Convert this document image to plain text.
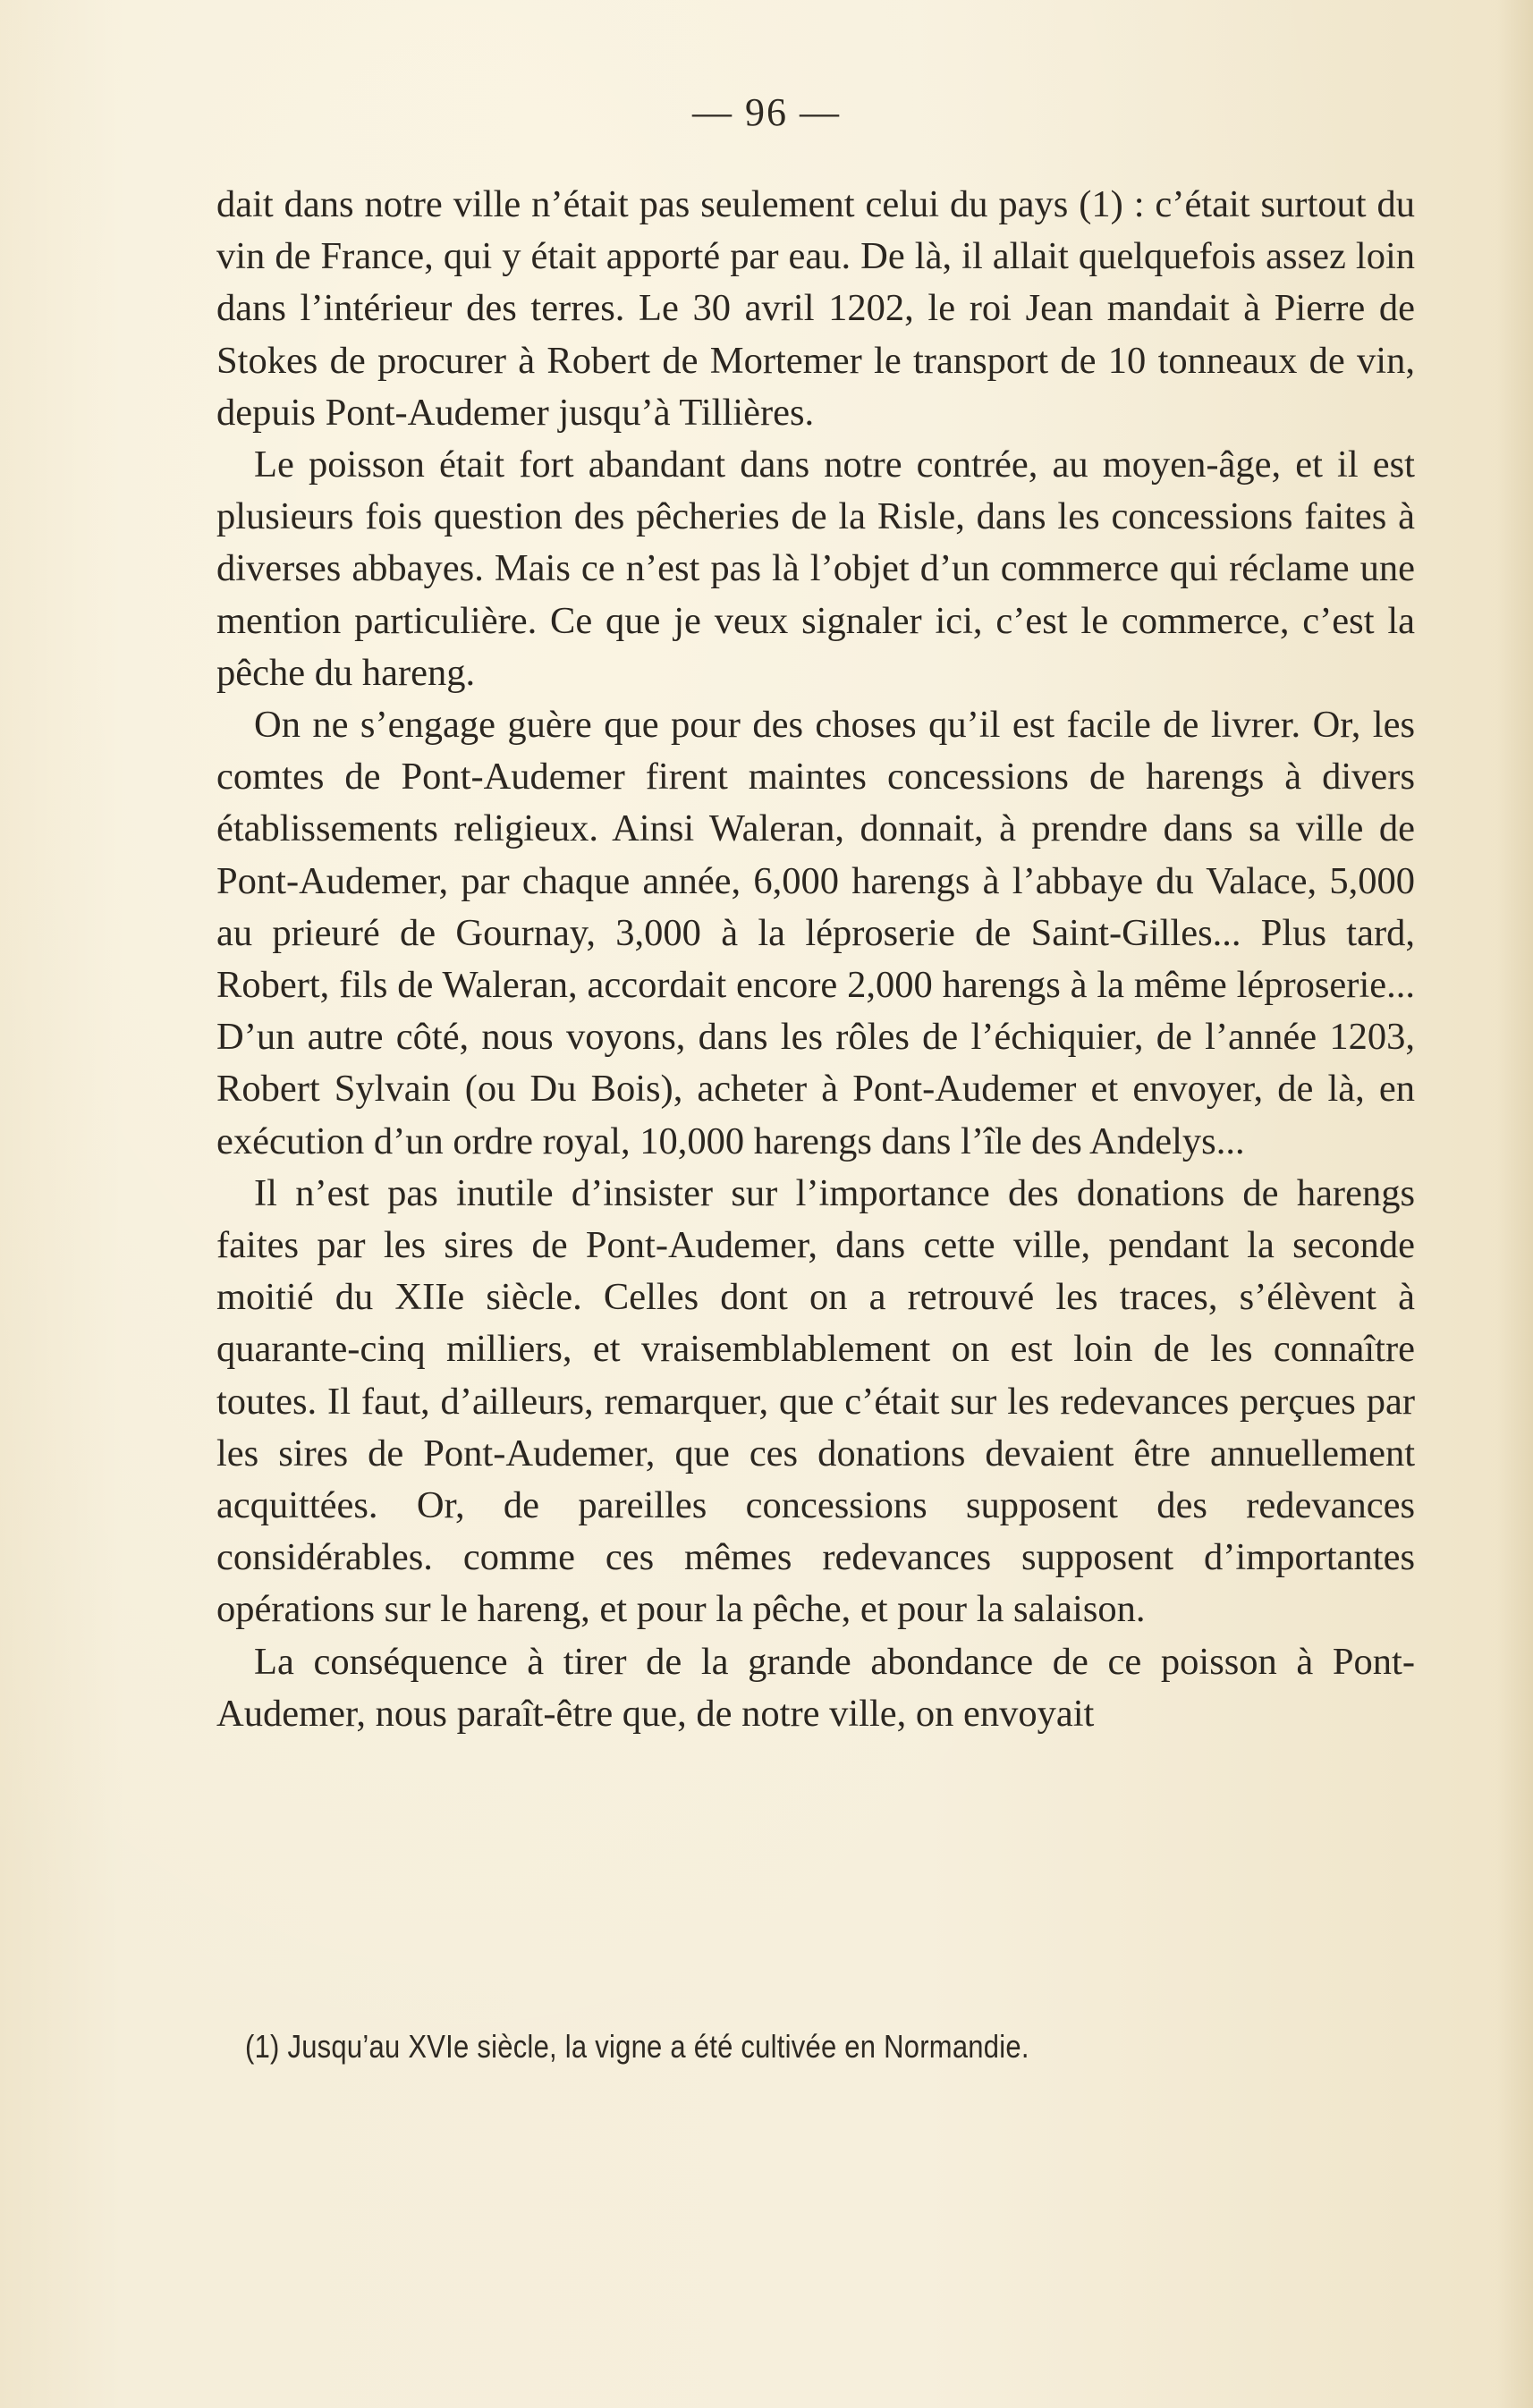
— 96 —

dait dans notre ville n’était pas seulement celui du pays (1) : c’était surtout du vin de France, qui y était apporté par eau. De là, il allait quelquefois assez loin dans l’intérieur des terres. Le 30 avril 1202, le roi Jean mandait à Pierre de Stokes de procurer à Robert de Mortemer le transport de 10 tonneaux de vin, depuis Pont-Audemer jusqu’à Tillières.

Le poisson était fort abandant dans notre contrée, au moyen-âge, et il est plusieurs fois question des pêcheries de la Risle, dans les concessions faites à diverses abbayes. Mais ce n’est pas là l’objet d’un commerce qui réclame une mention particulière. Ce que je veux signaler ici, c’est le commerce, c’est la pêche du hareng.

On ne s’engage guère que pour des choses qu’il est facile de livrer. Or, les comtes de Pont-Audemer firent maintes concessions de harengs à divers établissements religieux. Ainsi Waleran, donnait, à prendre dans sa ville de Pont-Audemer, par chaque année, 6,000 harengs à l’abbaye du Valace, 5,000 au prieuré de Gournay, 3,000 à la léproserie de Saint-Gilles... Plus tard, Robert, fils de Waleran, accordait encore 2,000 harengs à la même léproserie... D’un autre côté, nous voyons, dans les rôles de l’échiquier, de l’année 1203, Robert Sylvain (ou Du Bois), acheter à Pont-Audemer et envoyer, de là, en exécution d’un ordre royal, 10,000 harengs dans l’île des Andelys...

Il n’est pas inutile d’insister sur l’importance des donations de harengs faites par les sires de Pont-Audemer, dans cette ville, pendant la seconde moitié du XIIe siècle. Celles dont on a retrouvé les traces, s’élèvent à quarante-cinq milliers, et vraisemblablement on est loin de les connaître toutes. Il faut, d’ailleurs, remarquer, que c’était sur les redevances perçues par les sires de Pont-Audemer, que ces donations devaient être annuellement acquittées. Or, de pareilles concessions supposent des redevances considérables. comme ces mêmes redevances supposent d’importantes opérations sur le hareng, et pour la pêche, et pour la salaison.

La conséquence à tirer de la grande abondance de ce poisson à Pont-Audemer, nous paraît-être que, de notre ville, on envoyait

(1) Jusqu’au XVIe siècle, la vigne a été cultivée en Normandie.
